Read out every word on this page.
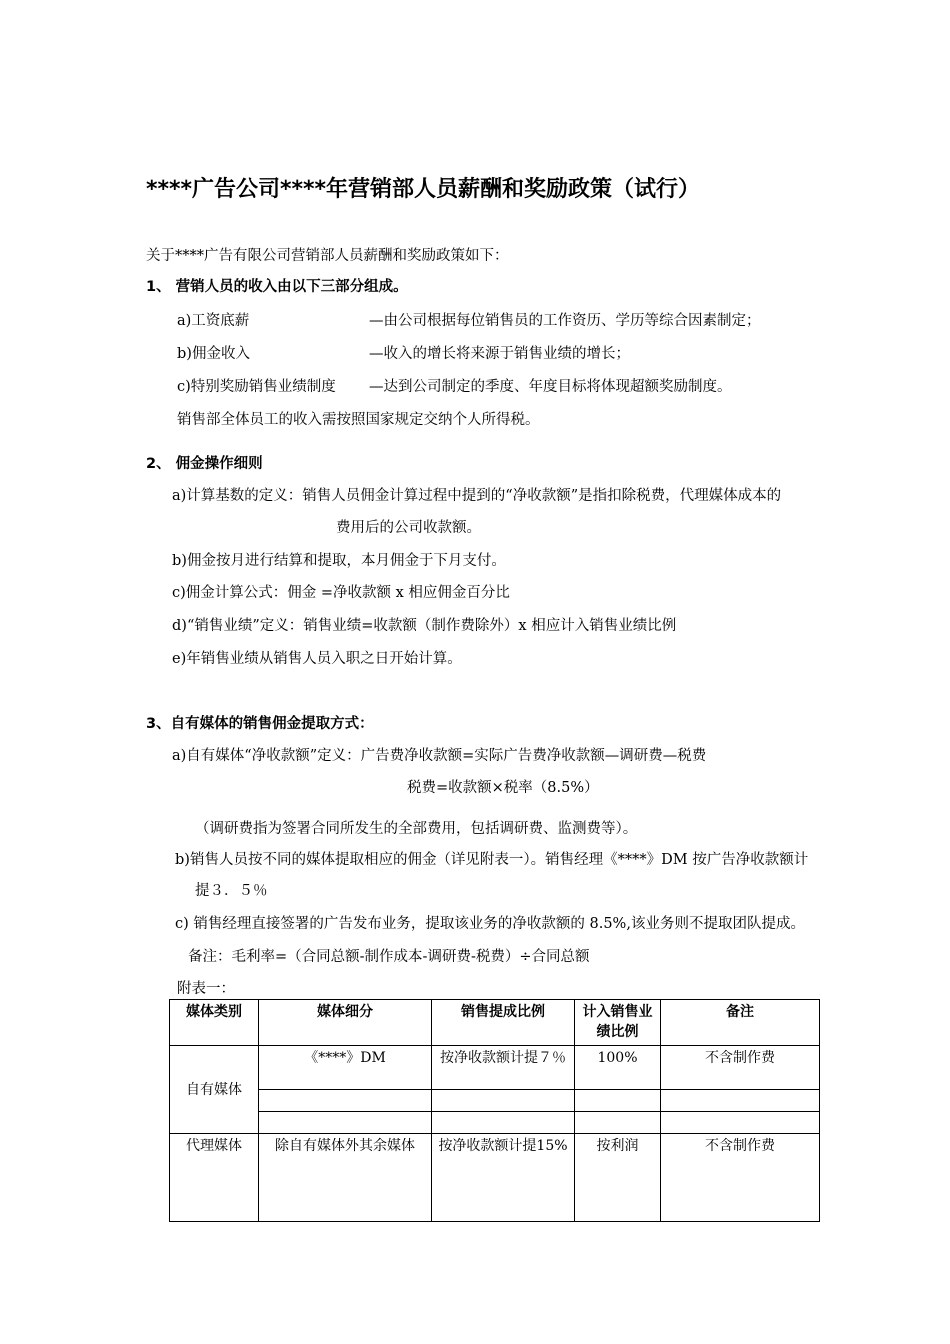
****广告公司****年营销部人员薪酬和奖励政策（试行）
关于****广告有限公司营销部人员薪酬和奖励政策如下：
1、 营销人员的收入由以下三部分组成。
a)工资底薪	—由公司根据每位销售员的工作资历、学历等综合因素制定；
b)佣金收入	—收入的增长将来源于销售业绩的增长；
c)特别奖励销售业绩制度 —达到公司制定的季度、年度目标将体现超额奖励制度。
销售部全体员工的收入需按照国家规定交纳个人所得税。
2、 佣金操作细则
a)计算基数的定义：销售人员佣金计算过程中提到的“净收款额”是指扣除税费，代理媒体成本的
费用后的公司收款额。
b)佣金按月进行结算和提取，本月佣金于下月支付。
c)佣金计算公式：佣金 =净收款额 x 相应佣金百分比
d)“销售业绩”定义：销售业绩=收款额（制作费除外）x 相应计入销售业绩比例
e)年销售业绩从销售人员入职之日开始计算。
3、自有媒体的销售佣金提取方式：
a)自有媒体“净收款额”定义：广告费净收款额=实际广告费净收款额—调研费—税费
税费=收款额×税率（8.5%）
（调研费指为签署合同所发生的全部费用，包括调研费、监测费等）。
b)销售人员按不同的媒体提取相应的佣金（详见附表一）。销售经理《****》DM 按广告净收款额计
提３．５％
c) 销售经理直接签署的广告发布业务，提取该业务的净收款额的 8.5%,该业务则不提取团队提成。
备注：毛利率=（合同总额-制作成本-调研费-税费）÷合同总额
附表一：
媒体类别	媒体细分	销售提成比例	计入销售业绩比例	备注
自有媒体	《****》DM	按净收款额计提７％	100%	不含制作费

代理媒体	除自有媒体外其余媒体	按净收款额计提15%	按利润	不含制作费
